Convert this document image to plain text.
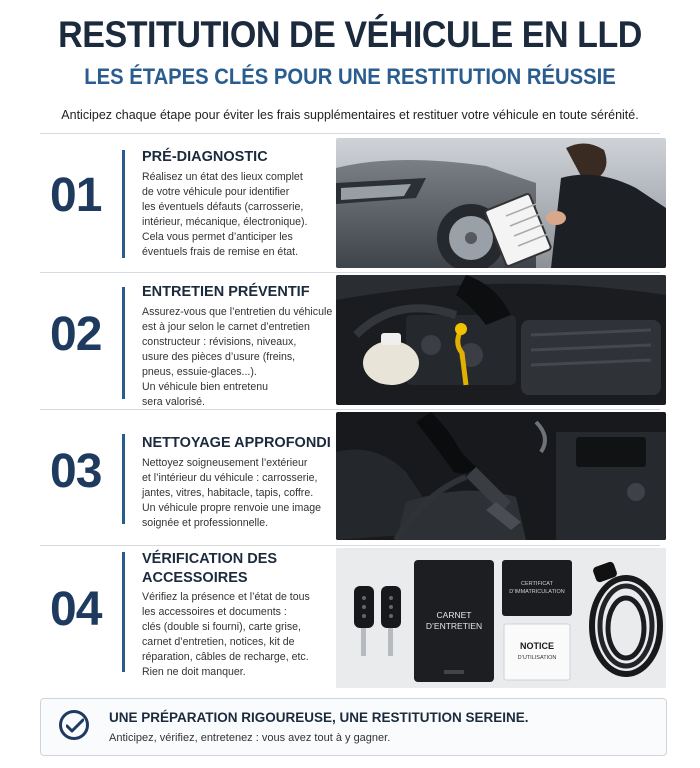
RESTITUTION DE VÉHICULE EN LLD
LES ÉTAPES CLÉS POUR UNE RESTITUTION RÉUSSIE
Anticipez chaque étape pour éviter les frais supplémentaires et restituer votre véhicule en toute sérénité.
01
PRÉ-DIAGNOSTIC
Réalisez un état des lieux complet
de votre véhicule pour identifier
les éventuels défauts (carrosserie,
intérieur, mécanique, électronique).
Cela vous permet d’anticiper les
éventuels frais de remise en état.
02
ENTRETIEN PRÉVENTIF
Assurez-vous que l’entretien du véhicule
est à jour selon le carnet d’entretien
constructeur : révisions, niveaux,
usure des pièces d’usure (freins,
pneus, essuie-glaces...).
Un véhicule bien entretenu
sera valorisé.
03
NETTOYAGE APPROFONDI
Nettoyez soigneusement l’extérieur
et l’intérieur du véhicule : carrosserie,
jantes, vitres, habitacle, tapis, coffre.
Un véhicule propre renvoie une image
soignée et professionnelle.
04
VÉRIFICATION DES ACCESSOIRES
Vérifiez la présence et l’état de tous
les accessoires et documents :
clés (double si fourni), carte grise,
carnet d’entretien, notices, kit de
réparation, câbles de recharge, etc.
Rien ne doit manquer.
CARNET
D’ENTRETIEN
CERTIFICAT
D’IMMATRICULATION
NOTICE
D’UTILISATION
UNE PRÉPARATION RIGOUREUSE, UNE RESTITUTION SEREINE.
Anticipez, vérifiez, entretenez : vous avez tout à y gagner.
